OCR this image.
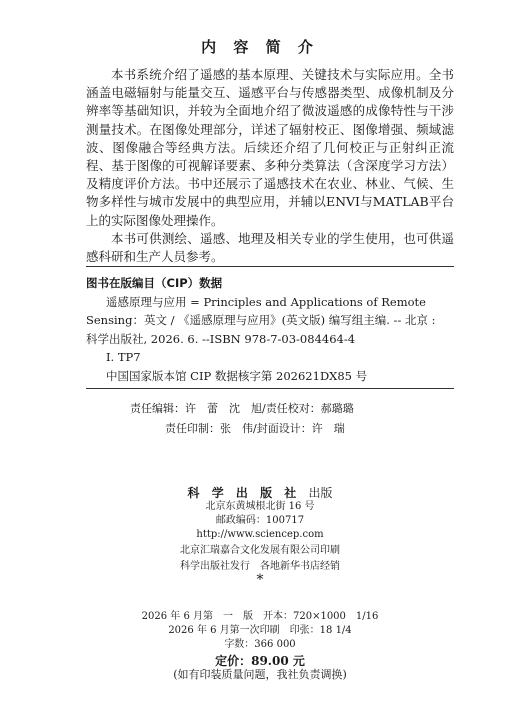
内 容 简 介

本书系统介绍了遥感的基本原理、关键技术与实际应用。全书涵盖电磁辐射与能量交互、遥感平台与传感器类型、成像机制及分辨率等基础知识，并较为全面地介绍了微波遥感的成像特性与干涉测量技术。在图像处理部分，详述了辐射校正、图像增强、频域滤波、图像融合等经典方法。后续还介绍了几何校正与正射纠正流程、基于图像的可视解译要素、多种分类算法（含深度学习方法）及精度评价方法。书中还展示了遥感技术在农业、林业、气候、生物多样性与城市发展中的典型应用，并辅以ENVI与MATLAB平台上的实际图像处理操作。

本书可供测绘、遥感、地理及相关专业的学生使用，也可供遥感科研和生产人员参考。

图书在版编目（CIP）数据
遥感原理与应用 = Principles and Applications of Remote
Sensing：英文 / 《遥感原理与应用》(英文版) 编写组主编. -- 北京 :
科学出版社, 2026. 6. --ISBN 978-7-03-084464-4
Ⅰ. TP7
中国国家版本馆 CIP 数据核字第 202621DX85 号
责任编辑：许　蕾　沈　旭/责任校对：郝璐璐
责任印制：张　伟/封面设计：许　瑞
科 学 出 版 社 出版
北京东黄城根北街 16 号
邮政编码：100717
http://www.sciencep.com
北京汇瑞嘉合文化发展有限公司印刷
科学出版社发行　各地新华书店经销
*
2026 年 6 月第　一　版　开本：720×1000　1/16
2026 年 6 月第一次印刷　印张：18 1/4
字数：366 000
定价：89.00 元
(如有印装质量问题，我社负责调换)
